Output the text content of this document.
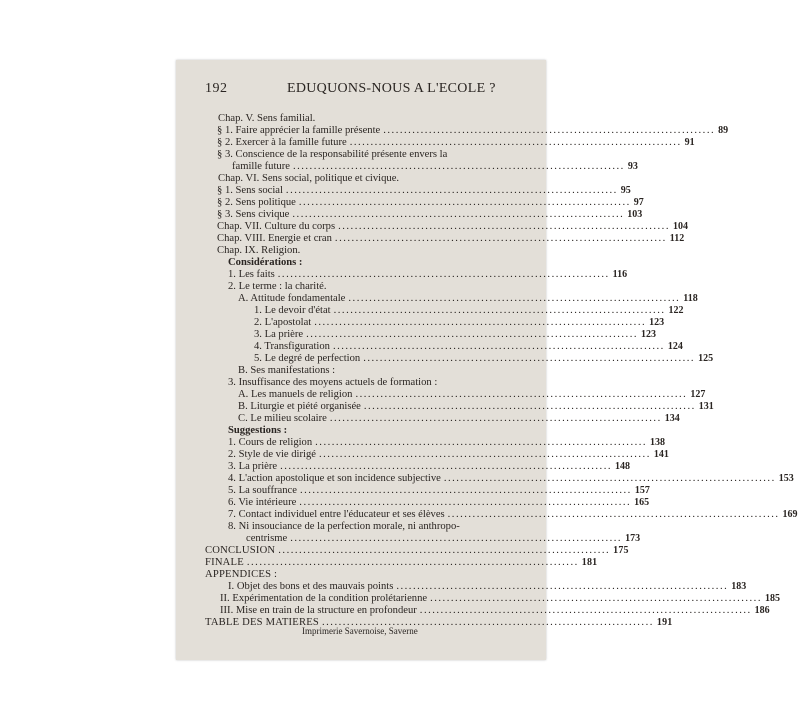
192	EDUQUONS-NOUS A L'ECOLE ?
Chap. V. Sens familial.
§ 1. Faire apprécier la famille présente ................................................................................ 89
§ 2. Exercer à la famille future ................................................................................ 91
§ 3. Conscience de la responsabilité présente envers la
famille future ................................................................................ 93
Chap. VI. Sens social, politique et civique.
§ 1. Sens social ................................................................................ 95
§ 2. Sens politique ................................................................................ 97
§ 3. Sens civique ................................................................................ 103
Chap. VII. Culture du corps ................................................................................ 104
Chap. VIII. Energie et cran ................................................................................ 112
Chap. IX. Religion.
Considérations :
1. Les faits ................................................................................ 116
2. Le terme : la charité.
A. Attitude fondamentale ................................................................................ 118
1. Le devoir d'état ................................................................................ 122
2. L'apostolat ................................................................................ 123
3. La prière ................................................................................ 123
4. Transfiguration ................................................................................ 124
5. Le degré de perfection ................................................................................ 125
B. Ses manifestations :
3. Insuffisance des moyens actuels de formation :
A. Les manuels de religion ................................................................................ 127
B. Liturgie et piété organisée ................................................................................ 131
C. Le milieu scolaire ................................................................................ 134
Suggestions :
1. Cours de religion ................................................................................ 138
2. Style de vie dirigé ................................................................................ 141
3. La prière ................................................................................ 148
4. L'action apostolique et son incidence subjective ................................................................................ 153
5. La souffrance ................................................................................ 157
6. Vie intérieure ................................................................................ 165
7. Contact individuel entre l'éducateur et ses élèves ................................................................................ 169
8. Ni insouciance de la perfection morale, ni anthropo-
centrisme ................................................................................ 173
CONCLUSION ................................................................................ 175
FINALE ................................................................................ 181
APPENDICES :
I. Objet des bons et des mauvais points ................................................................................ 183
II. Expérimentation de la condition prolétarienne ................................................................................ 185
III. Mise en train de la structure en profondeur ................................................................................ 186
TABLE DES MATIERES ................................................................................ 191
Imprimerie Savernoise, Saverne
